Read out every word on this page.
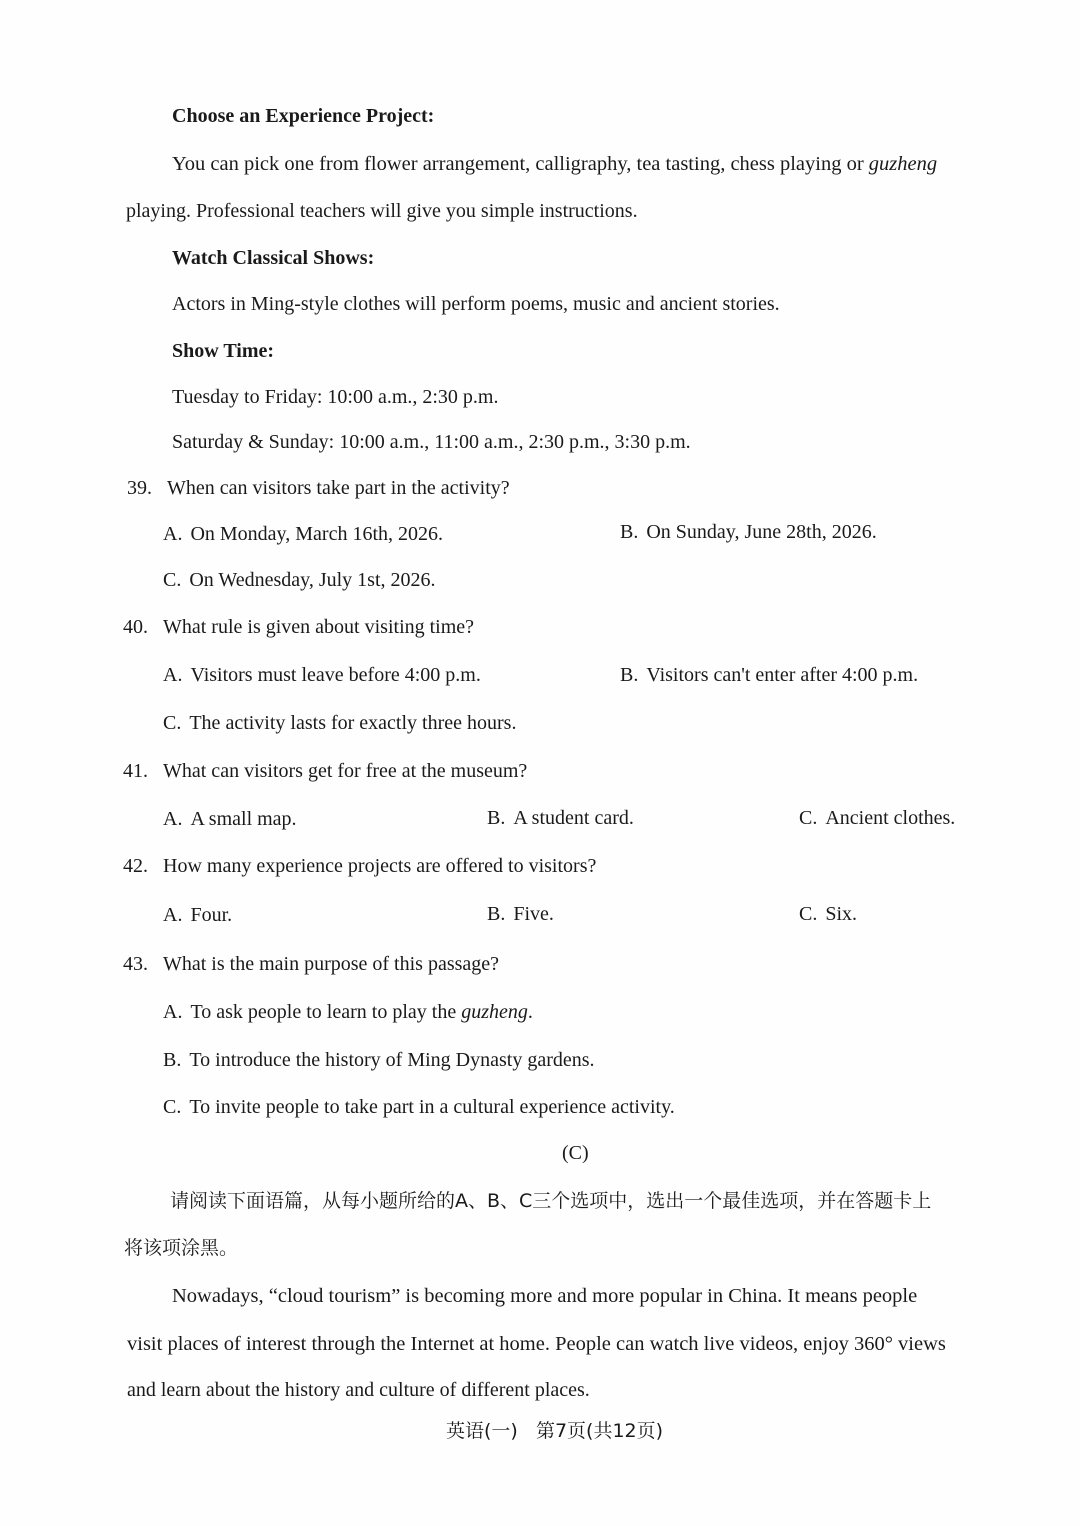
Choose an Experience Project:
You can pick one from flower arrangement, calligraphy, tea tasting, chess playing or guzheng
playing. Professional teachers will give you simple instructions.
Watch Classical Shows:
Actors in Ming-style clothes will perform poems, music and ancient stories.
Show Time:
Tuesday to Friday: 10:00 a.m., 2:30 p.m.
Saturday & Sunday: 10:00 a.m., 11:00 a.m., 2:30 p.m., 3:30 p.m.
39. When can visitors take part in the activity?
A. On Monday, March 16th, 2026.	B. On Sunday, June 28th, 2026.
C. On Wednesday, July 1st, 2026.
40. What rule is given about visiting time?
A. Visitors must leave before 4:00 p.m.	B. Visitors can't enter after 4:00 p.m.
C. The activity lasts for exactly three hours.
41. What can visitors get for free at the museum?
A. A small map.	B. A student card.	C. Ancient clothes.
42. How many experience projects are offered to visitors?
A. Four.	B. Five.	C. Six.
43. What is the main purpose of this passage?
A. To ask people to learn to play the guzheng.
B. To introduce the history of Ming Dynasty gardens.
C. To invite people to take part in a cultural experience activity.
(C)
请阅读下面语篇，从每小题所给的A、B、C三个选项中，选出一个最佳选项，并在答题卡上
将该项涂黑。
Nowadays, “cloud tourism” is becoming more and more popular in China. It means people
visit places of interest through the Internet at home. People can watch live videos, enjoy 360° views
and learn about the history and culture of different places.
英语(一)   第7页(共12页)
